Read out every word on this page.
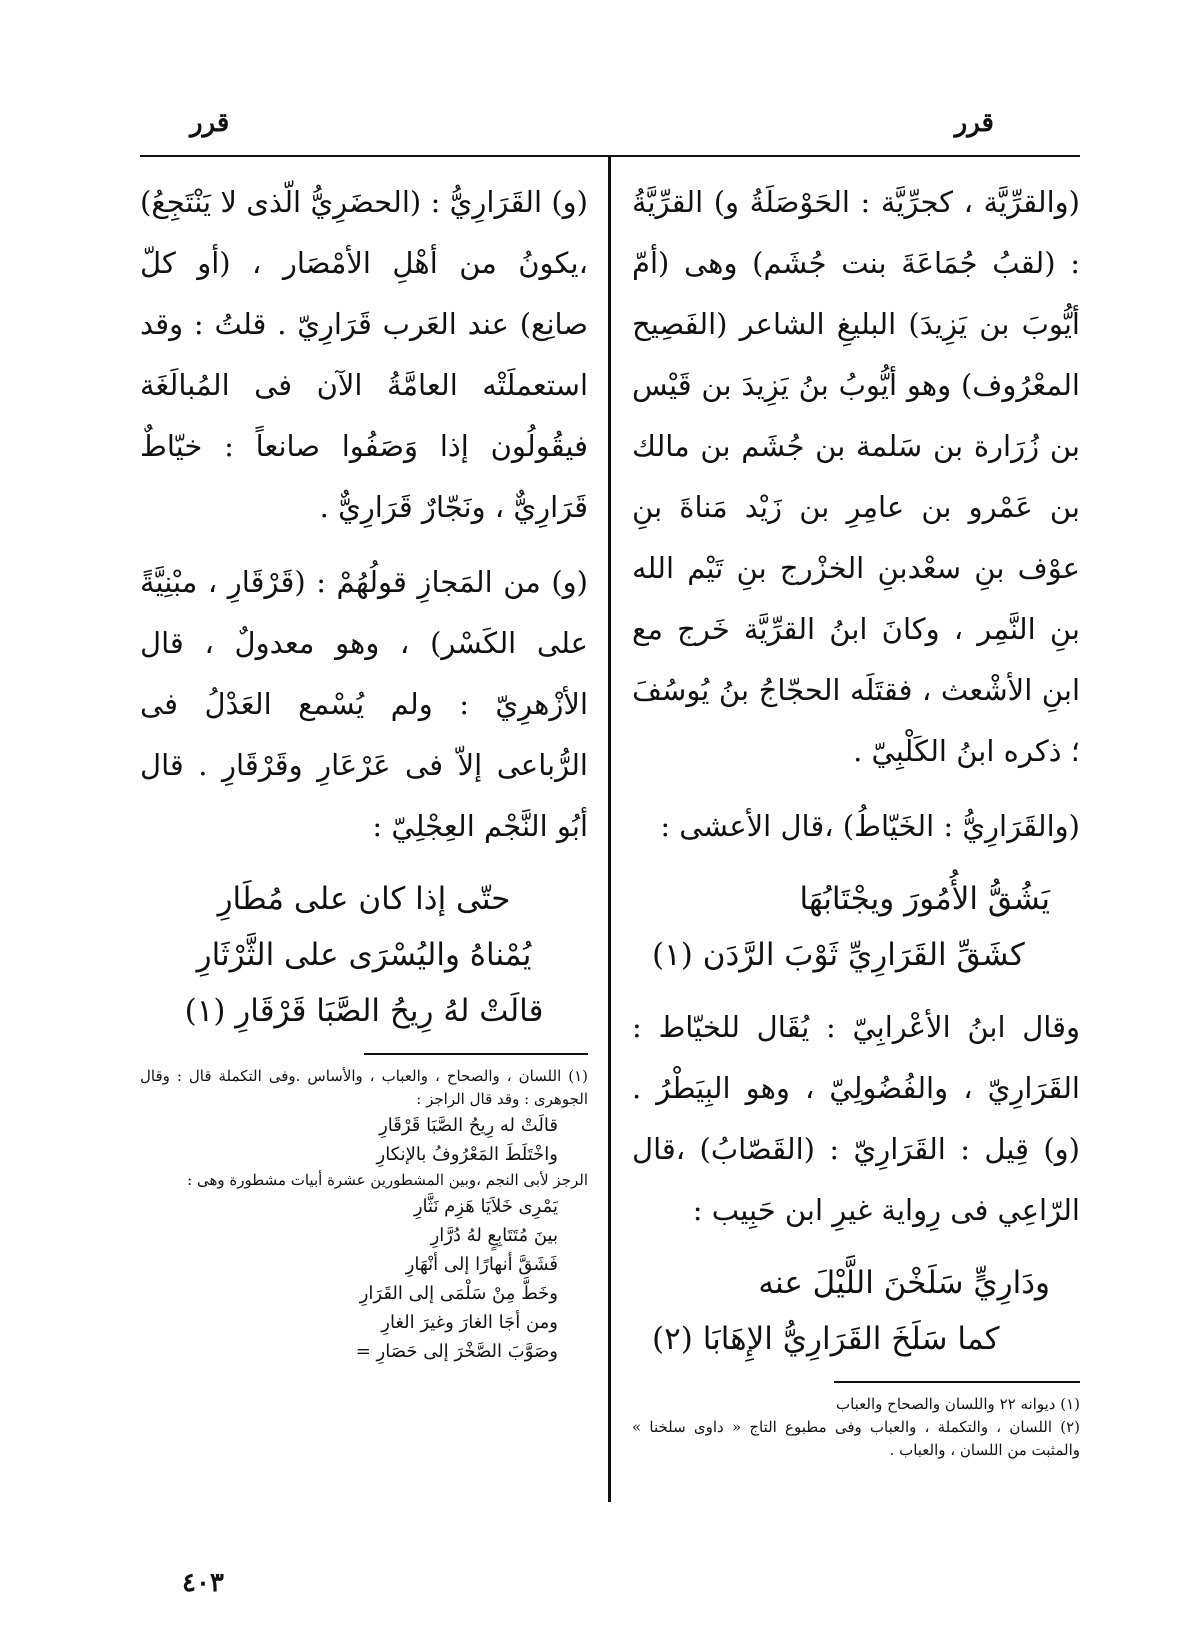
قرر
قرر

(والقرِّيَّة ، كجرِّيَّة : الحَوْصَلَةُ و) القرِّيَّةُ : (لقبُ جُمَاعَةَ بنت جُشَم) وهى (أمّ أيُّوبَ بن يَزِيدَ) البليغِ الشاعر (الفَصِيح المعْرُوف) وهو أيُّوبُ بنُ يَزِيدَ بن قَيْس بن زُرَارة بن سَلمة بن جُشَم بن مالك بن عَمْرو بن عامِرِ بن زَيْد مَناةَ بنِ عوْف بنِ سعْدبنِ الخزْرج بنِ تَيْم الله بنِ النَّمِر ، وكانَ ابنُ القرِّيَّة خَرج مع ابنِ الأشْعث ، فقتَلَه الحجّاجُ بنُ يُوسُفَ ؛ ذكره ابنُ الكَلْبِيّ .

(والقَرَارِيُّ : الخَيّاطُ) ،قال الأعشى :

يَشُقُّ الأُمُورَ ويجْتَابُهَا
كشَقِّ القَرَارِيِّ ثَوْبَ الرَّدَن (١)

وقال ابنُ الأعْرابِيّ : يُقَال للخيّاط : القَرَارِيّ ، والفُضُولِيّ ، وهو البِيَطْرُ . (و) قِيل : القَرَارِيّ : (القَصّابُ) ،قال الرّاعِي فى رِواية غيرِ ابن حَبِيب :

ودَارِيٍّ سَلَخْنَ اللَّيْلَ عنه
كما سَلَخَ القَرَارِيُّ الإِهَابَا (٢)

(١) ديوانه ٢٢ واللسان والصحاح والعباب

(٢) اللسان ، والتكملة ، والعباب وفى مطبوع التاج « داوى سلخنا » والمثبت من اللسان ، والعباب .

(و) القَرَارِيُّ : (الحضَرِيُّ الّذى لا يَنْتَجِعُ) ،يكونُ من أهْلِ الأمْصَار ، (أو كلّ صانِع) عند العَرب قَرَارِيّ . قلتُ : وقد استعملَتْه العامَّةُ الآن فى المُبالَغَة فيقُولُون إذا وَصَفُوا صانعاً : خيّاطٌ قَرَارِيٌّ ، ونَجّارٌ قَرَارِيٌّ .

(و) من المَجازِ قولُهُمْ : (قَرْقَارِ ، مبْنِيَّةً على الكَسْر) ، وهو معدولٌ ، قال الأزْهرِيّ : ولم يُسْمع العَدْلُ فى الرُّباعى إلاّ فى عَرْعَارِ وقَرْقَارِ . قال أبُو النَّجْم العِجْلِيّ :

حتّى إذا كان على مُطَارِ
يُمْناهُ واليُسْرَى على الثَّرْثَارِ
قالَتْ لهُ رِيحُ الصَّبَا قَرْقَارِ (١)

(١) اللسان ، والصحاح ، والعباب ، والأساس .وفى التكملة قال : وقال الجوهرى : وقد قال الراجز :

قالَتْ له رِيحُ الصَّبَا قَرْقَارِ
واخْتَلَطَ المَعْرُوفُ بالإنكارِ

الرجز لأبى النجم ،وبين المشطورين عشرة أبيات مشطورة وهى :

يَمْرِى خَلاَيَا هَزِم نَثَّارِ
بينَ مُتَتَابِعٍ لهُ دُرَّارِ
فَشَقَّ أنهارًا إلى أنْهَارِ
وخَطَّ مِنْ سَلْمَى إلى القَرَارِ
ومن أجَا الغارَ وغيرَ الغارِ
وصَوَّبَ الصَّخْرَ إلى حَصَارِ =
٤٠٣
